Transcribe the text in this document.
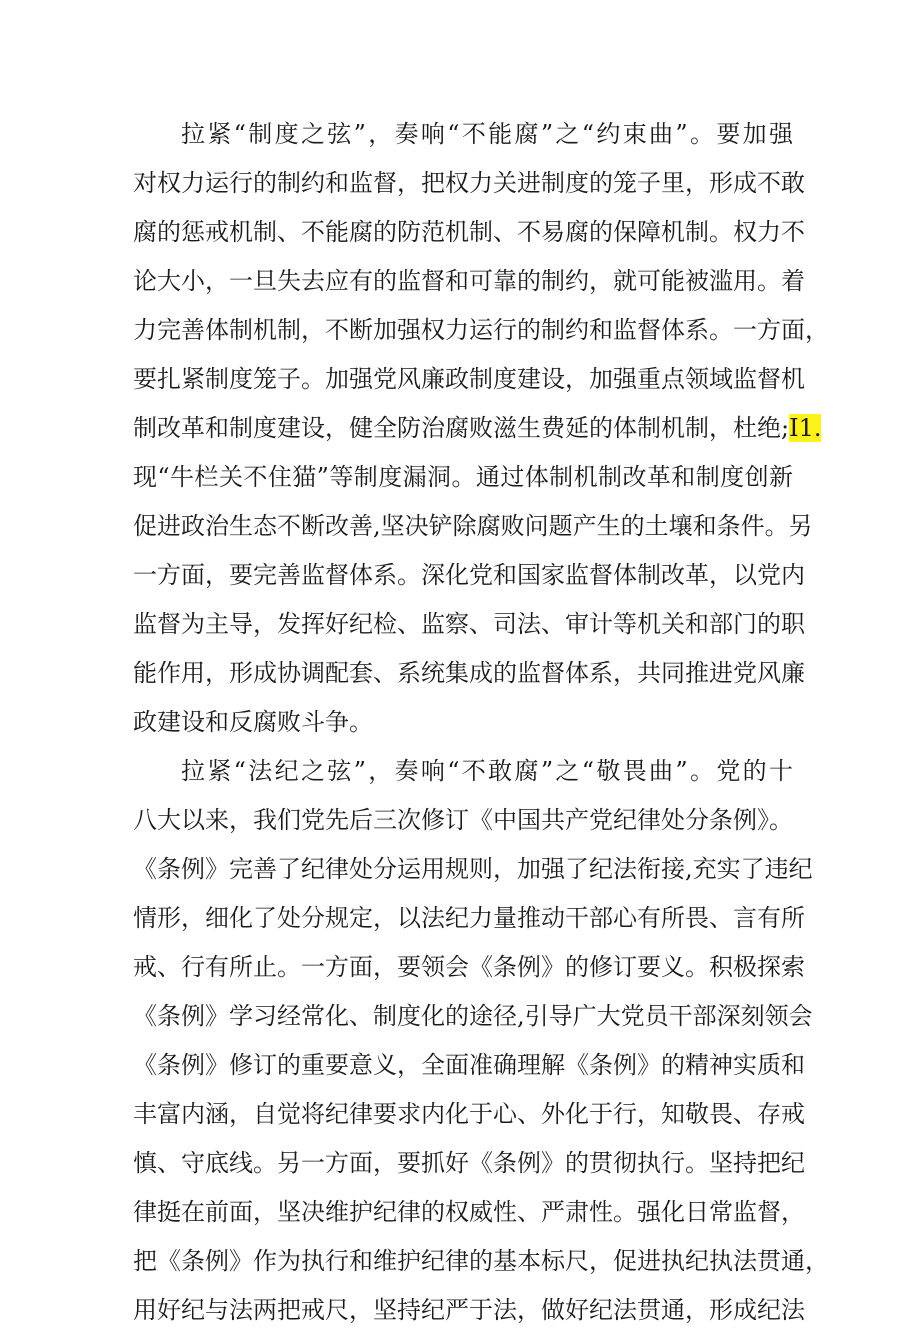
拉紧“制度之弦”，奏响“不能腐”之“约束曲”。要加强
对权力运行的制约和监督，把权力关进制度的笼子里，形成不敢
腐的惩戒机制、不能腐的防范机制、不易腐的保障机制。权力不
论大小，一旦失去应有的监督和可靠的制约，就可能被滥用。着
力完善体制机制，不断加强权力运行的制约和监督体系。一方面，
要扎紧制度笼子。加强党风廉政制度建设，加强重点领域监督机
制改革和制度建设，健全防治腐败滋生费延的体制机制，杜绝;I1.
现“牛栏关不住猫”等制度漏洞。通过体制机制改革和制度创新
促进政治生态不断改善,坚决铲除腐败问题产生的土壤和条件。另
一方面，要完善监督体系。深化党和国家监督体制改革，以党内
监督为主导，发挥好纪检、监察、司法、审计等机关和部门的职
能作用，形成协调配套、系统集成的监督体系，共同推进党风廉
政建设和反腐败斗争。
拉紧“法纪之弦”，奏响“不敢腐”之“敬畏曲”。党的十
八大以来，我们党先后三次修订《中国共产党纪律处分条例》。
《条例》完善了纪律处分运用规则，加强了纪法衔接,充实了违纪
情形，细化了处分规定，以法纪力量推动干部心有所畏、言有所
戒、行有所止。一方面，要领会《条例》的修订要义。积极探索
《条例》学习经常化、制度化的途径,引导广大党员干部深刻领会
《条例》修订的重要意义，全面准确理解《条例》的精神实质和
丰富内涵，自觉将纪律要求内化于心、外化于行，知敬畏、存戒
慎、守底线。另一方面，要抓好《条例》的贯彻执行。坚持把纪
律挺在前面，坚决维护纪律的权威性、严肃性。强化日常监督，
把《条例》作为执行和维护纪律的基本标尺，促进执纪执法贯通，
用好纪与法两把戒尺，坚持纪严于法，做好纪法贯通，形成纪法
